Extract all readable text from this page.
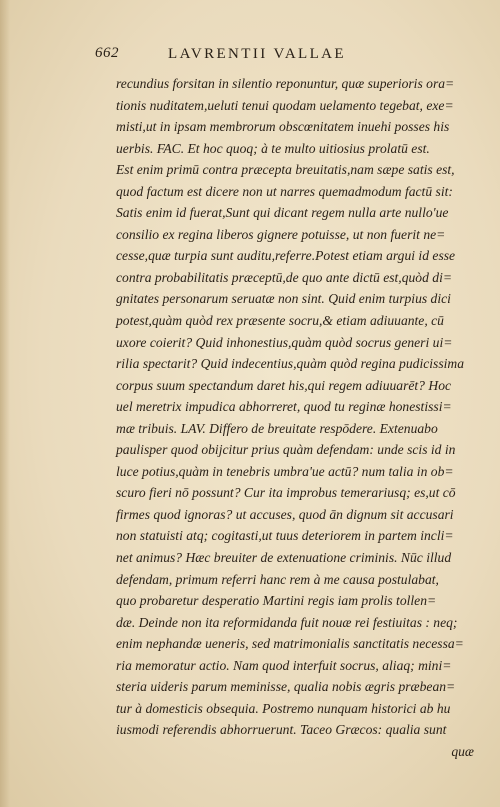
662	LAVRENTII VALLAE
recundius forsitan in silentio reponuntur, quæ superioris ora=
tionis nuditatem,ueluti tenui quodam uelamento tegebat, exe=
misti,ut in ipsam membrorum obscœnitatem inuehi posses his
uerbis. FAC. Et hoc quoq; à te multo uitiosius prolatū est.
Est enim primū contra præcepta breuitatis,nam sæpe satis est,
quod factum est dicere non ut narres quemadmodum factū sit:
Satis enim id fuerat,Sunt qui dicant regem nulla arte nullo'ue
consilio ex regina liberos gignere potuisse, ut non fuerit ne=
cesse,quæ turpia sunt auditu,referre.Potest etiam argui id esse
contra probabilitatis præceptū,de quo ante dictū est,quòd di=
gnitates personarum seruatæ non sint. Quid enim turpius dici
potest,quàm quòd rex præsente socru,& etiam adiuuante, cū
uxore coierit? Quid inhonestius,quàm quòd socrus generi ui=
rilia spectarit? Quid indecentius,quàm quòd regina pudicissima
corpus suum spectandum daret his,qui regem adiuuarēt? Hoc
uel meretrix impudica abhorreret, quod tu reginæ honestissi=
mæ tribuis. LAV. Differo de breuitate respōdere. Extenuabo
paulisper quod obijcitur prius quàm defendam: unde scis id in
luce potius,quàm in tenebris umbra'ue actū? num talia in ob=
scuro fieri nō possunt? Cur ita improbus temerariusq; es,ut cō
firmes quod ignoras? ut accuses, quod ān dignum sit accusari
non statuisti atq; cogitasti,ut tuus deteriorem in partem incli=
net animus? Hæc breuiter de extenuatione criminis. Nūc illud
defendam, primum referri hanc rem à me causa postulabat,
quo probaretur desperatio Martini regis iam prolis tollen=
dæ. Deinde non ita reformidanda fuit nouæ rei festiuitas : neq;
enim nephandæ ueneris, sed matrimonialis sanctitatis necessa=
ria memoratur actio. Nam quod interfuit socrus, aliaq; mini=
steria uideris parum meminisse, qualia nobis ægris præbean=
tur à domesticis obsequia. Postremo nunquam historici ab hu
iusmodi referendis abhorruerunt. Taceo Græcos: qualia sunt
quæ
